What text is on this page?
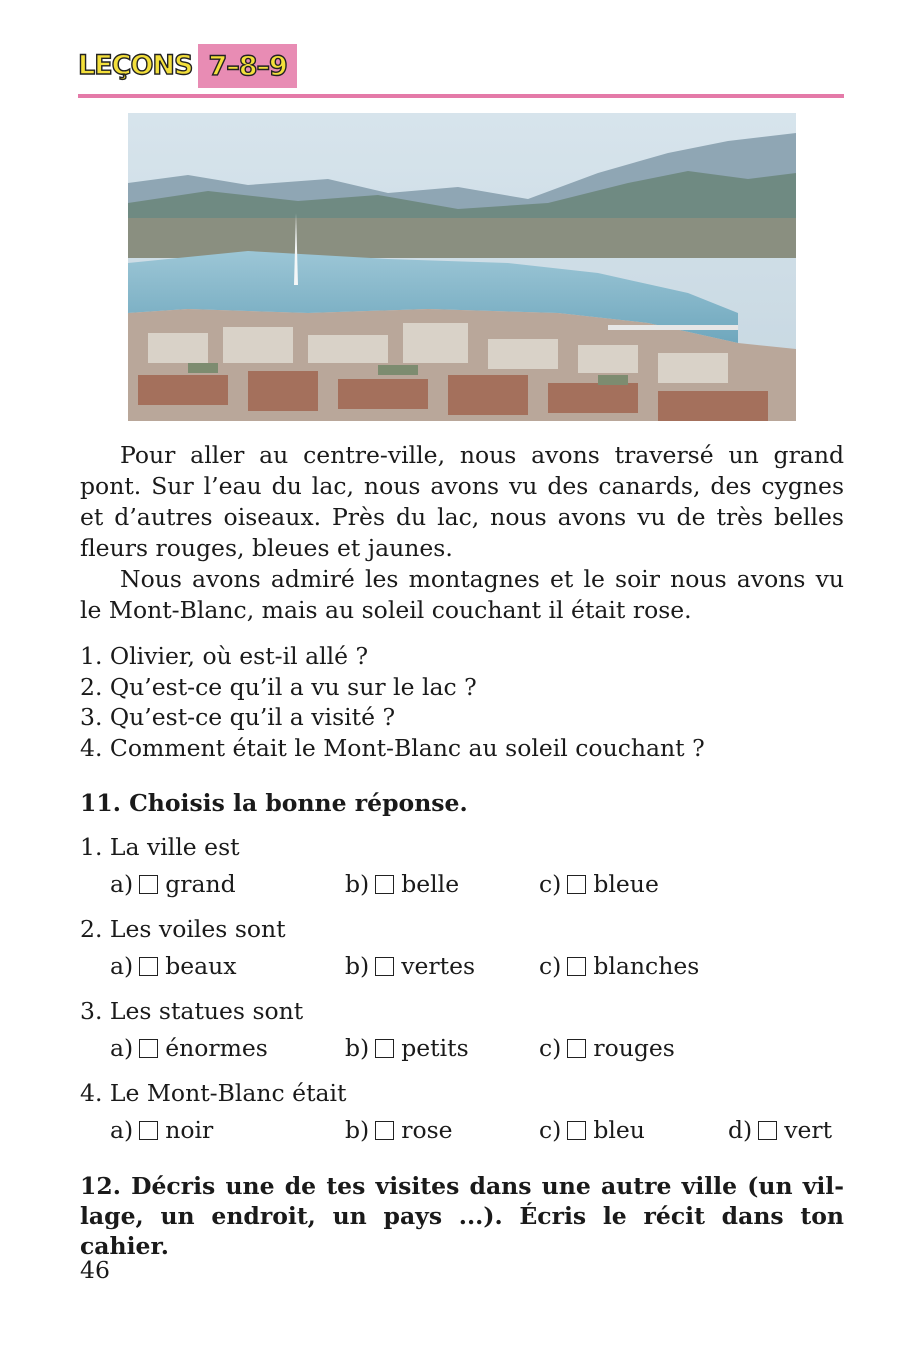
LEÇONS 7–8–9

Pour aller au centre-ville, nous avons traversé un grand pont. Sur l’eau du lac, nous avons vu des canards, des cygnes et d’autres oiseaux. Près du lac, nous avons vu de très belles fleurs rouges, bleues et jaunes.

Nous avons admiré les montagnes et le soir nous avons vu le Mont-Blanc, mais au soleil couchant il était rose.

1. Olivier, où est-il allé ?
2. Qu’est-ce qu’il a vu sur le lac ?
3. Qu’est-ce qu’il a visité ?
4. Comment était le Mont-Blanc au soleil couchant ?
11. Choisis la bonne réponse.
1. La ville est
a) grand	b) belle	c) bleue
2. Les voiles sont
a) beaux	b) vertes	c) blanches
3. Les statues sont
a) énormes	b) petits	c) rouges
4. Le Mont-Blanc était
a) noir	b) rose	c) bleu	d) vert
12. Décris une de tes visites dans une autre ville (un vil-lage, un endroit, un pays ...). Écris le récit dans ton cahier.
46
